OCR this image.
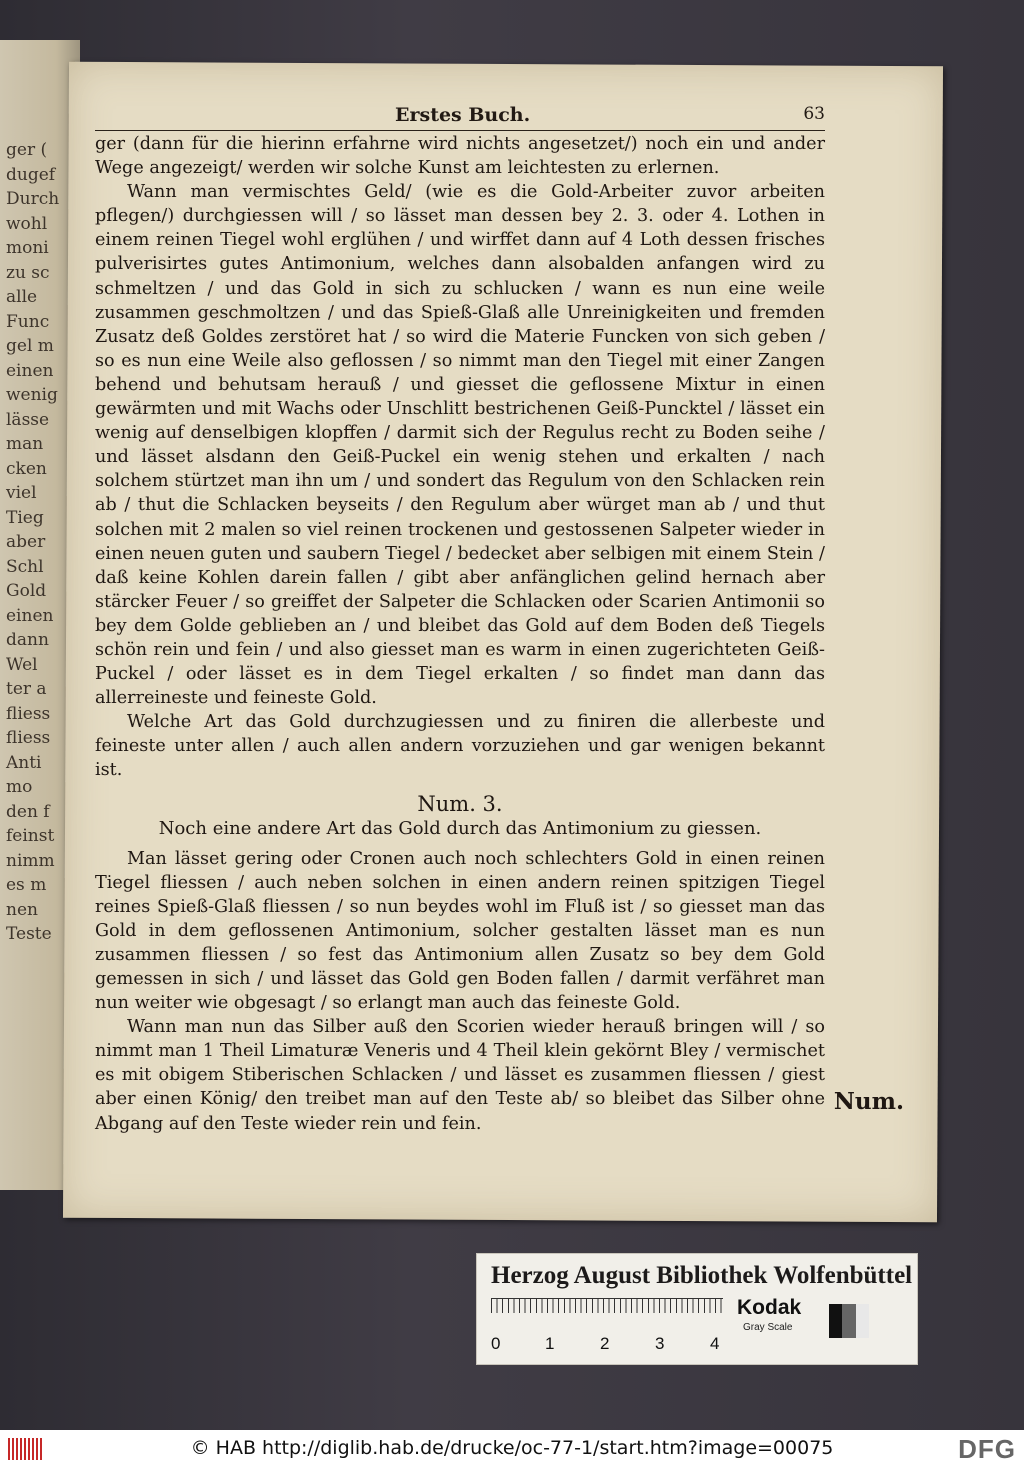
ger (
dugef
Durch
wohl
moni
zu sc
alle
Func
gel m
einen
wenig
lässe
man
cken
viel
Tieg
aber
Schl
Gold
einen
dann
Wel
ter a
fliess
fliess
Anti
mo
den f
feinst
nimm
es m
nen
Teste
Erstes Buch.	63

ger (dann für die hierinn erfahrne wird nichts angesetzet/) noch ein und ander Wege angezeigt/ werden wir solche Kunst am leichtesten zu erlernen.

Wann man vermischtes Geld/ (wie es die Gold-Arbeiter zuvor arbeiten pflegen/) durchgiessen will / so lässet man dessen bey 2. 3. oder 4. Lothen in einem reinen Tiegel wohl erglühen / und wirffet dann auf 4 Loth dessen frisches pulverisirtes gutes Antimonium, welches dann alsobalden anfangen wird zu schmeltzen / und das Gold in sich zu schlucken / wann es nun eine weile zusammen geschmoltzen / und das Spieß-Glaß alle Unreinigkeiten und fremden Zusatz deß Goldes zerstöret hat / so wird die Materie Funcken von sich geben / so es nun eine Weile also geflossen / so nimmt man den Tiegel mit einer Zangen behend und behutsam herauß / und giesset die geflossene Mixtur in einen gewärmten und mit Wachs oder Unschlitt bestrichenen Geiß-Puncktel / lässet ein wenig auf denselbigen klopffen / darmit sich der Regulus recht zu Boden seihe / und lässet alsdann den Geiß-Puckel ein wenig stehen und erkalten / nach solchem stürtzet man ihn um / und sondert das Regulum von den Schlacken rein ab / thut die Schlacken beyseits / den Regulum aber würget man ab / und thut solchen mit 2 malen so viel reinen trockenen und gestossenen Salpeter wieder in einen neuen guten und saubern Tiegel / bedecket aber selbigen mit einem Stein / daß keine Kohlen darein fallen / gibt aber anfänglichen gelind hernach aber stärcker Feuer / so greiffet der Salpeter die Schlacken oder Scarien Antimonii so bey dem Golde geblieben an / und bleibet das Gold auf dem Boden deß Tiegels schön rein und fein / und also giesset man es warm in einen zugerichteten Geiß-Puckel / oder lässet es in dem Tiegel erkalten / so findet man dann das allerreineste und feineste Gold.

Welche Art das Gold durchzugiessen und zu finiren die allerbeste und feineste unter allen / auch allen andern vorzuziehen und gar wenigen bekannt ist.

Num. 3.
Noch eine andere Art das Gold durch das Antimonium zu giessen.

Man lässet gering oder Cronen auch noch schlechters Gold in einen reinen Tiegel fliessen / auch neben solchen in einen andern reinen spitzigen Tiegel reines Spieß-Glaß fliessen / so nun beydes wohl im Fluß ist / so giesset man das Gold in dem geflossenen Antimonium, solcher gestalten lässet man es nun zusammen fliessen / so fest das Antimonium allen Zusatz so bey dem Gold gemessen in sich / und lässet das Gold gen Boden fallen / darmit verfähret man nun weiter wie obgesagt / so erlangt man auch das feineste Gold.

Wann man nun das Silber auß den Scorien wieder herauß bringen will / so nimmt man 1 Theil Limaturæ Veneris und 4 Theil klein gekörnt Bley / vermischet es mit obigem Stiberischen Schlacken / und lässet es zusammen fliessen / giest aber einen König/ den treibet man auf den Teste ab/ so bleibet das Silber ohne Abgang auf den Teste wieder rein und fein.

Num.
Herzog August Bibliothek Wolfenbüttel
0	1	2	3	4
Kodak
Gray Scale
© HAB http://diglib.hab.de/drucke/oc-77-1/start.htm?image=00075	DFG
